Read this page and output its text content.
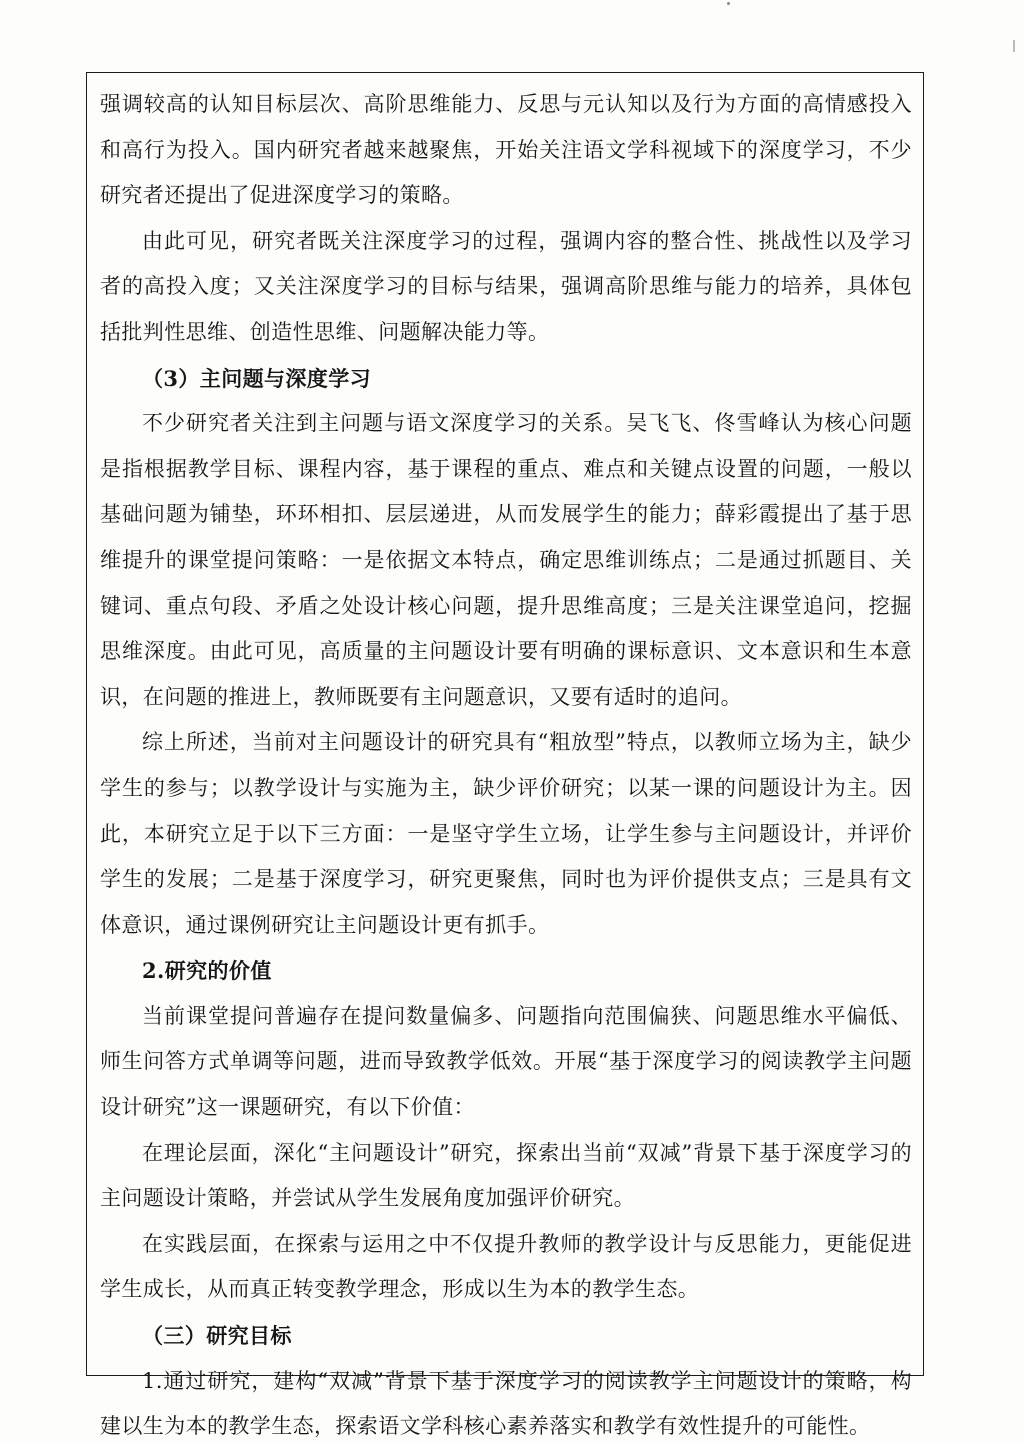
强调较高的认知目标层次、高阶思维能力、反思与元认知以及行为方面的高情感投入和高行为投入。国内研究者越来越聚焦，开始关注语文学科视域下的深度学习，不少研究者还提出了促进深度学习的策略。

由此可见，研究者既关注深度学习的过程，强调内容的整合性、挑战性以及学习者的高投入度；又关注深度学习的目标与结果，强调高阶思维与能力的培养，具体包括批判性思维、创造性思维、问题解决能力等。

（3）主问题与深度学习

不少研究者关注到主问题与语文深度学习的关系。吴飞飞、佟雪峰认为核心问题是指根据教学目标、课程内容，基于课程的重点、难点和关键点设置的问题，一般以基础问题为铺垫，环环相扣、层层递进，从而发展学生的能力；薛彩霞提出了基于思维提升的课堂提问策略：一是依据文本特点，确定思维训练点；二是通过抓题目、关键词、重点句段、矛盾之处设计核心问题，提升思维高度；三是关注课堂追问，挖掘思维深度。由此可见，高质量的主问题设计要有明确的课标意识、文本意识和生本意识，在问题的推进上，教师既要有主问题意识，又要有适时的追问。

综上所述，当前对主问题设计的研究具有“粗放型”特点，以教师立场为主，缺少学生的参与；以教学设计与实施为主，缺少评价研究；以某一课的问题设计为主。因此，本研究立足于以下三方面：一是坚守学生立场，让学生参与主问题设计，并评价学生的发展；二是基于深度学习，研究更聚焦，同时也为评价提供支点；三是具有文体意识，通过课例研究让主问题设计更有抓手。

2.研究的价值

当前课堂提问普遍存在提问数量偏多、问题指向范围偏狭、问题思维水平偏低、师生问答方式单调等问题，进而导致教学低效。开展“基于深度学习的阅读教学主问题设计研究”这一课题研究，有以下价值：

在理论层面，深化“主问题设计”研究，探索出当前“双减”背景下基于深度学习的主问题设计策略，并尝试从学生发展角度加强评价研究。

在实践层面，在探索与运用之中不仅提升教师的教学设计与反思能力，更能促进学生成长，从而真正转变教学理念，形成以生为本的教学生态。

（三）研究目标

1.通过研究，建构“双减”背景下基于深度学习的阅读教学主问题设计的策略，构建以生为本的教学生态，探索语文学科核心素养落实和教学有效性提升的可能性。
